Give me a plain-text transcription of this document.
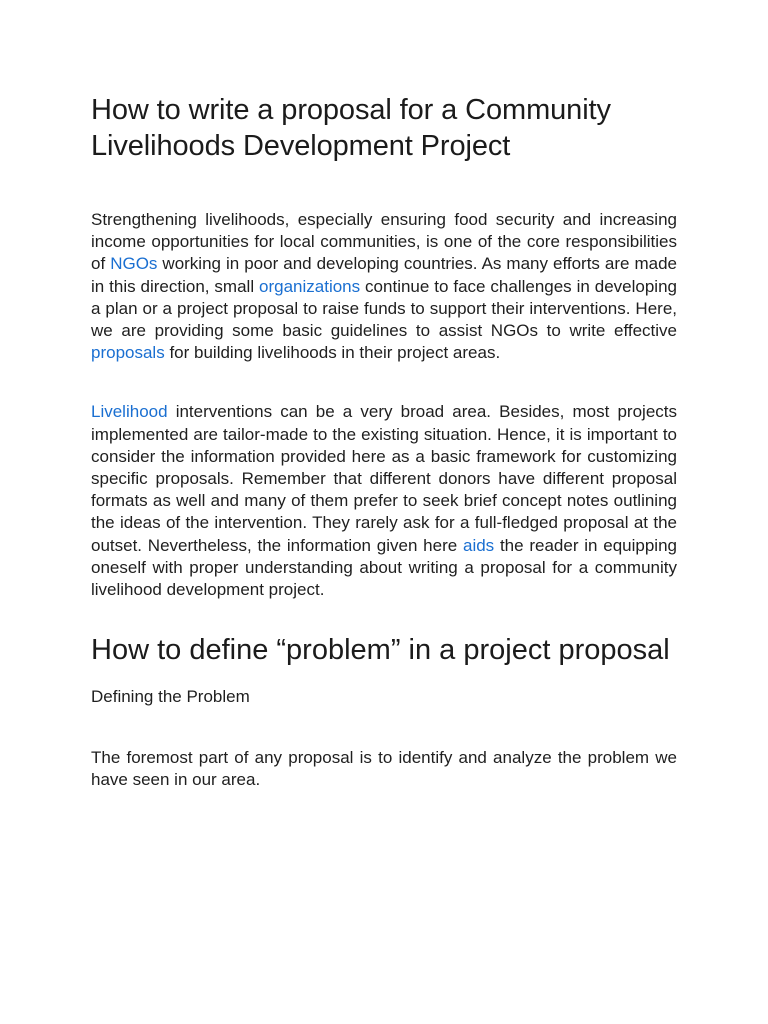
How to write a proposal for a Community Livelihoods Development Project

Strengthening livelihoods, especially ensuring food security and increasing income opportunities for local communities, is one of the core responsibilities of NGOs working in poor and developing countries. As many efforts are made in this direction, small organizations continue to face challenges in developing a plan or a project proposal to raise funds to support their interventions. Here, we are providing some basic guidelines to assist NGOs to write effective proposals for building livelihoods in their project areas.

Livelihood interventions can be a very broad area. Besides, most projects implemented are tailor-made to the existing situation. Hence, it is important to consider the information provided here as a basic framework for customizing specific proposals. Remember that different donors have different proposal formats as well and many of them prefer to seek brief concept notes outlining the ideas of the intervention. They rarely ask for a full-fledged proposal at the outset. Nevertheless, the information given here aids the reader in equipping oneself with proper understanding about writing a proposal for a community livelihood development project.

How to define “problem” in a project proposal
Defining the Problem

The foremost part of any proposal is to identify and analyze the problem we have seen in our area.
